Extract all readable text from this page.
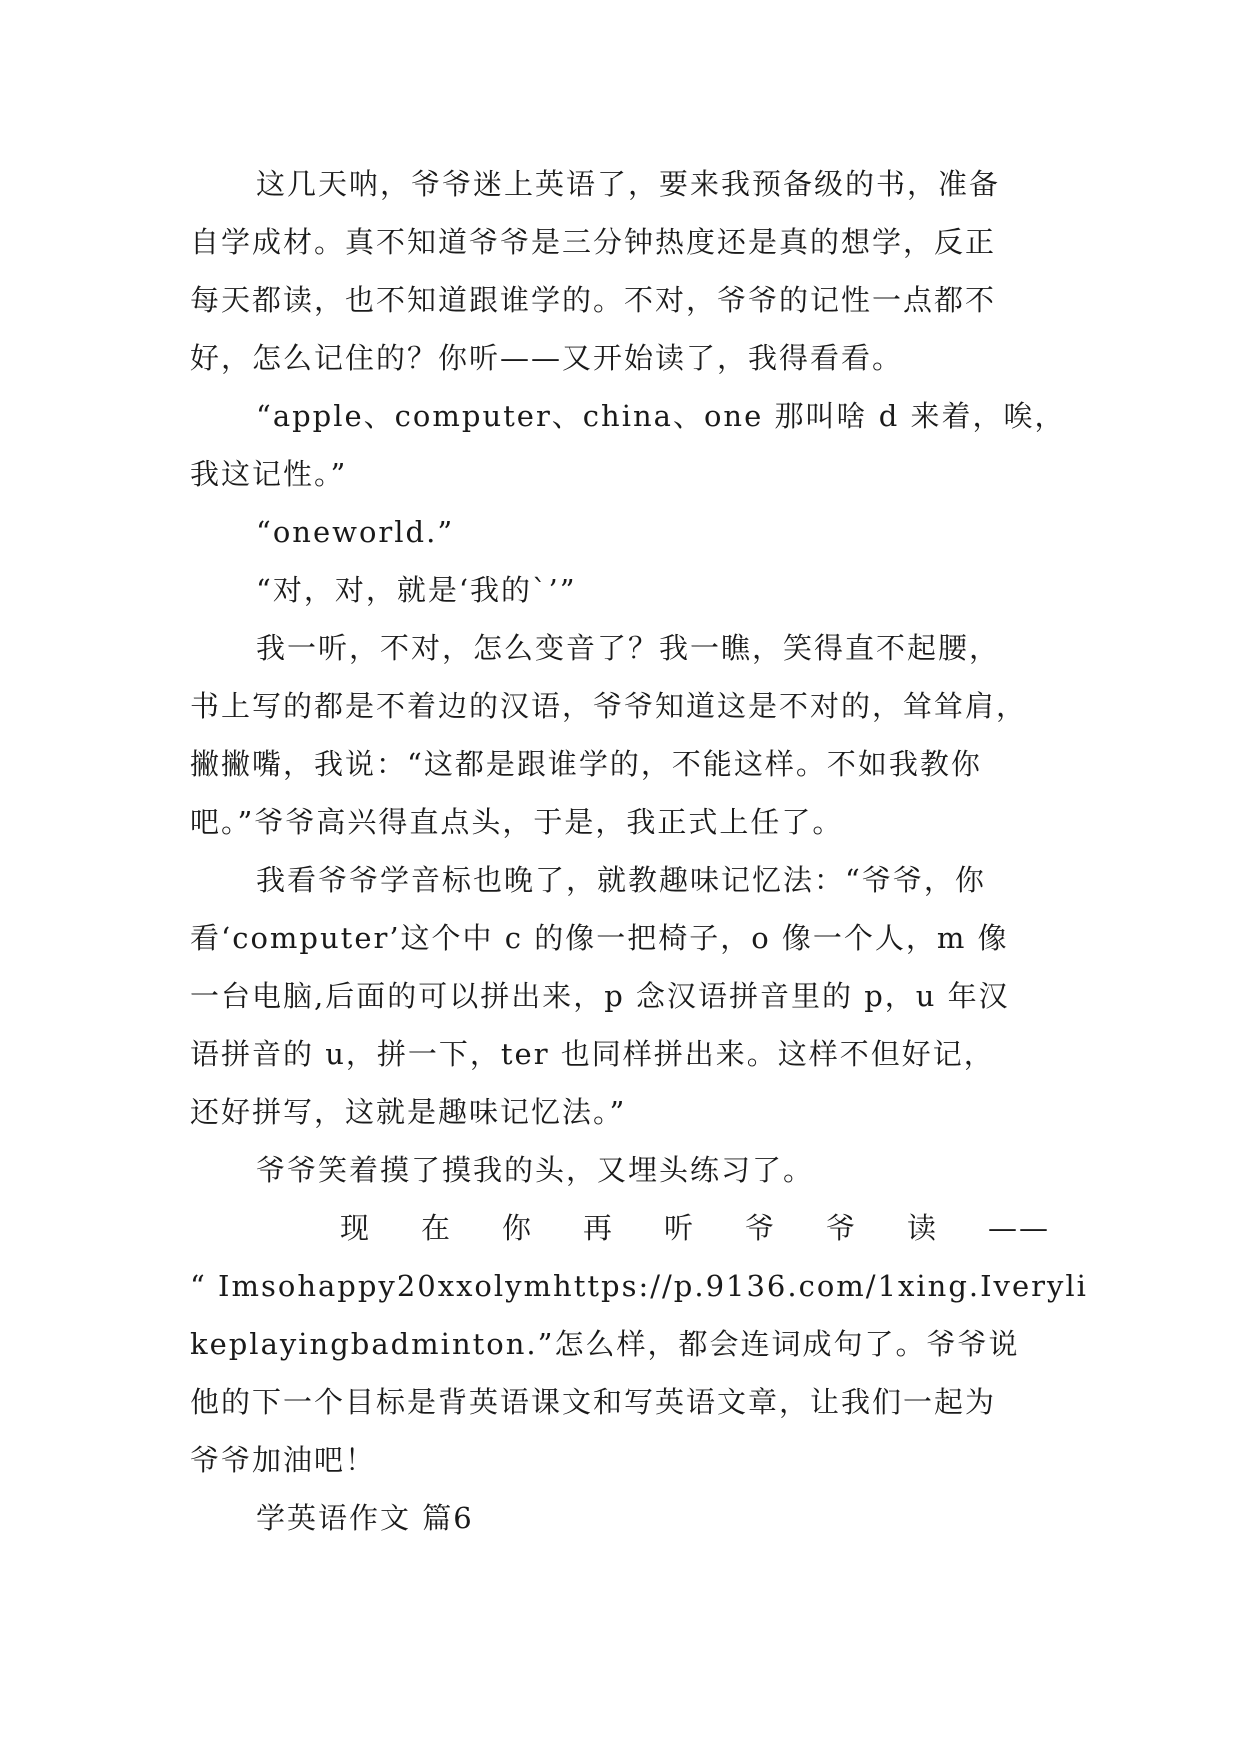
这几天呐，爷爷迷上英语了，要来我预备级的书，准备
自学成材。真不知道爷爷是三分钟热度还是真的想学，反正
每天都读，也不知道跟谁学的。不对，爷爷的记性一点都不
好，怎么记住的？你听——又开始读了，我得看看。

“apple、computer、china、one 那叫啥 d 来着，唉，
我这记性。”

“oneworld.”

“对，对，就是‘我的`’”

我一听，不对，怎么变音了？我一瞧，笑得直不起腰，
书上写的都是不着边的汉语，爷爷知道这是不对的，耸耸肩，
撇撇嘴，我说：“这都是跟谁学的，不能这样。不如我教你
吧。”爷爷高兴得直点头，于是，我正式上任了。

我看爷爷学音标也晚了，就教趣味记忆法：“爷爷，你
看‘computer’这个中 c 的像一把椅子，o 像一个人，m 像
一台电脑,后面的可以拼出来，p 念汉语拼音里的 p，u 年汉
语拼音的 u，拼一下，ter 也同样拼出来。这样不但好记，
还好拼写，这就是趣味记忆法。”

爷爷笑着摸了摸我的头，又埋头练习了。

现 在 你 再 听 爷 爷 读 ——
“ Imsohappy20xxolymhttps://p.9136.com/1xing.Iveryli
keplayingbadminton.”怎么样，都会连词成句了。爷爷说
他的下一个目标是背英语课文和写英语文章，让我们一起为
爷爷加油吧！

学英语作文 篇6
